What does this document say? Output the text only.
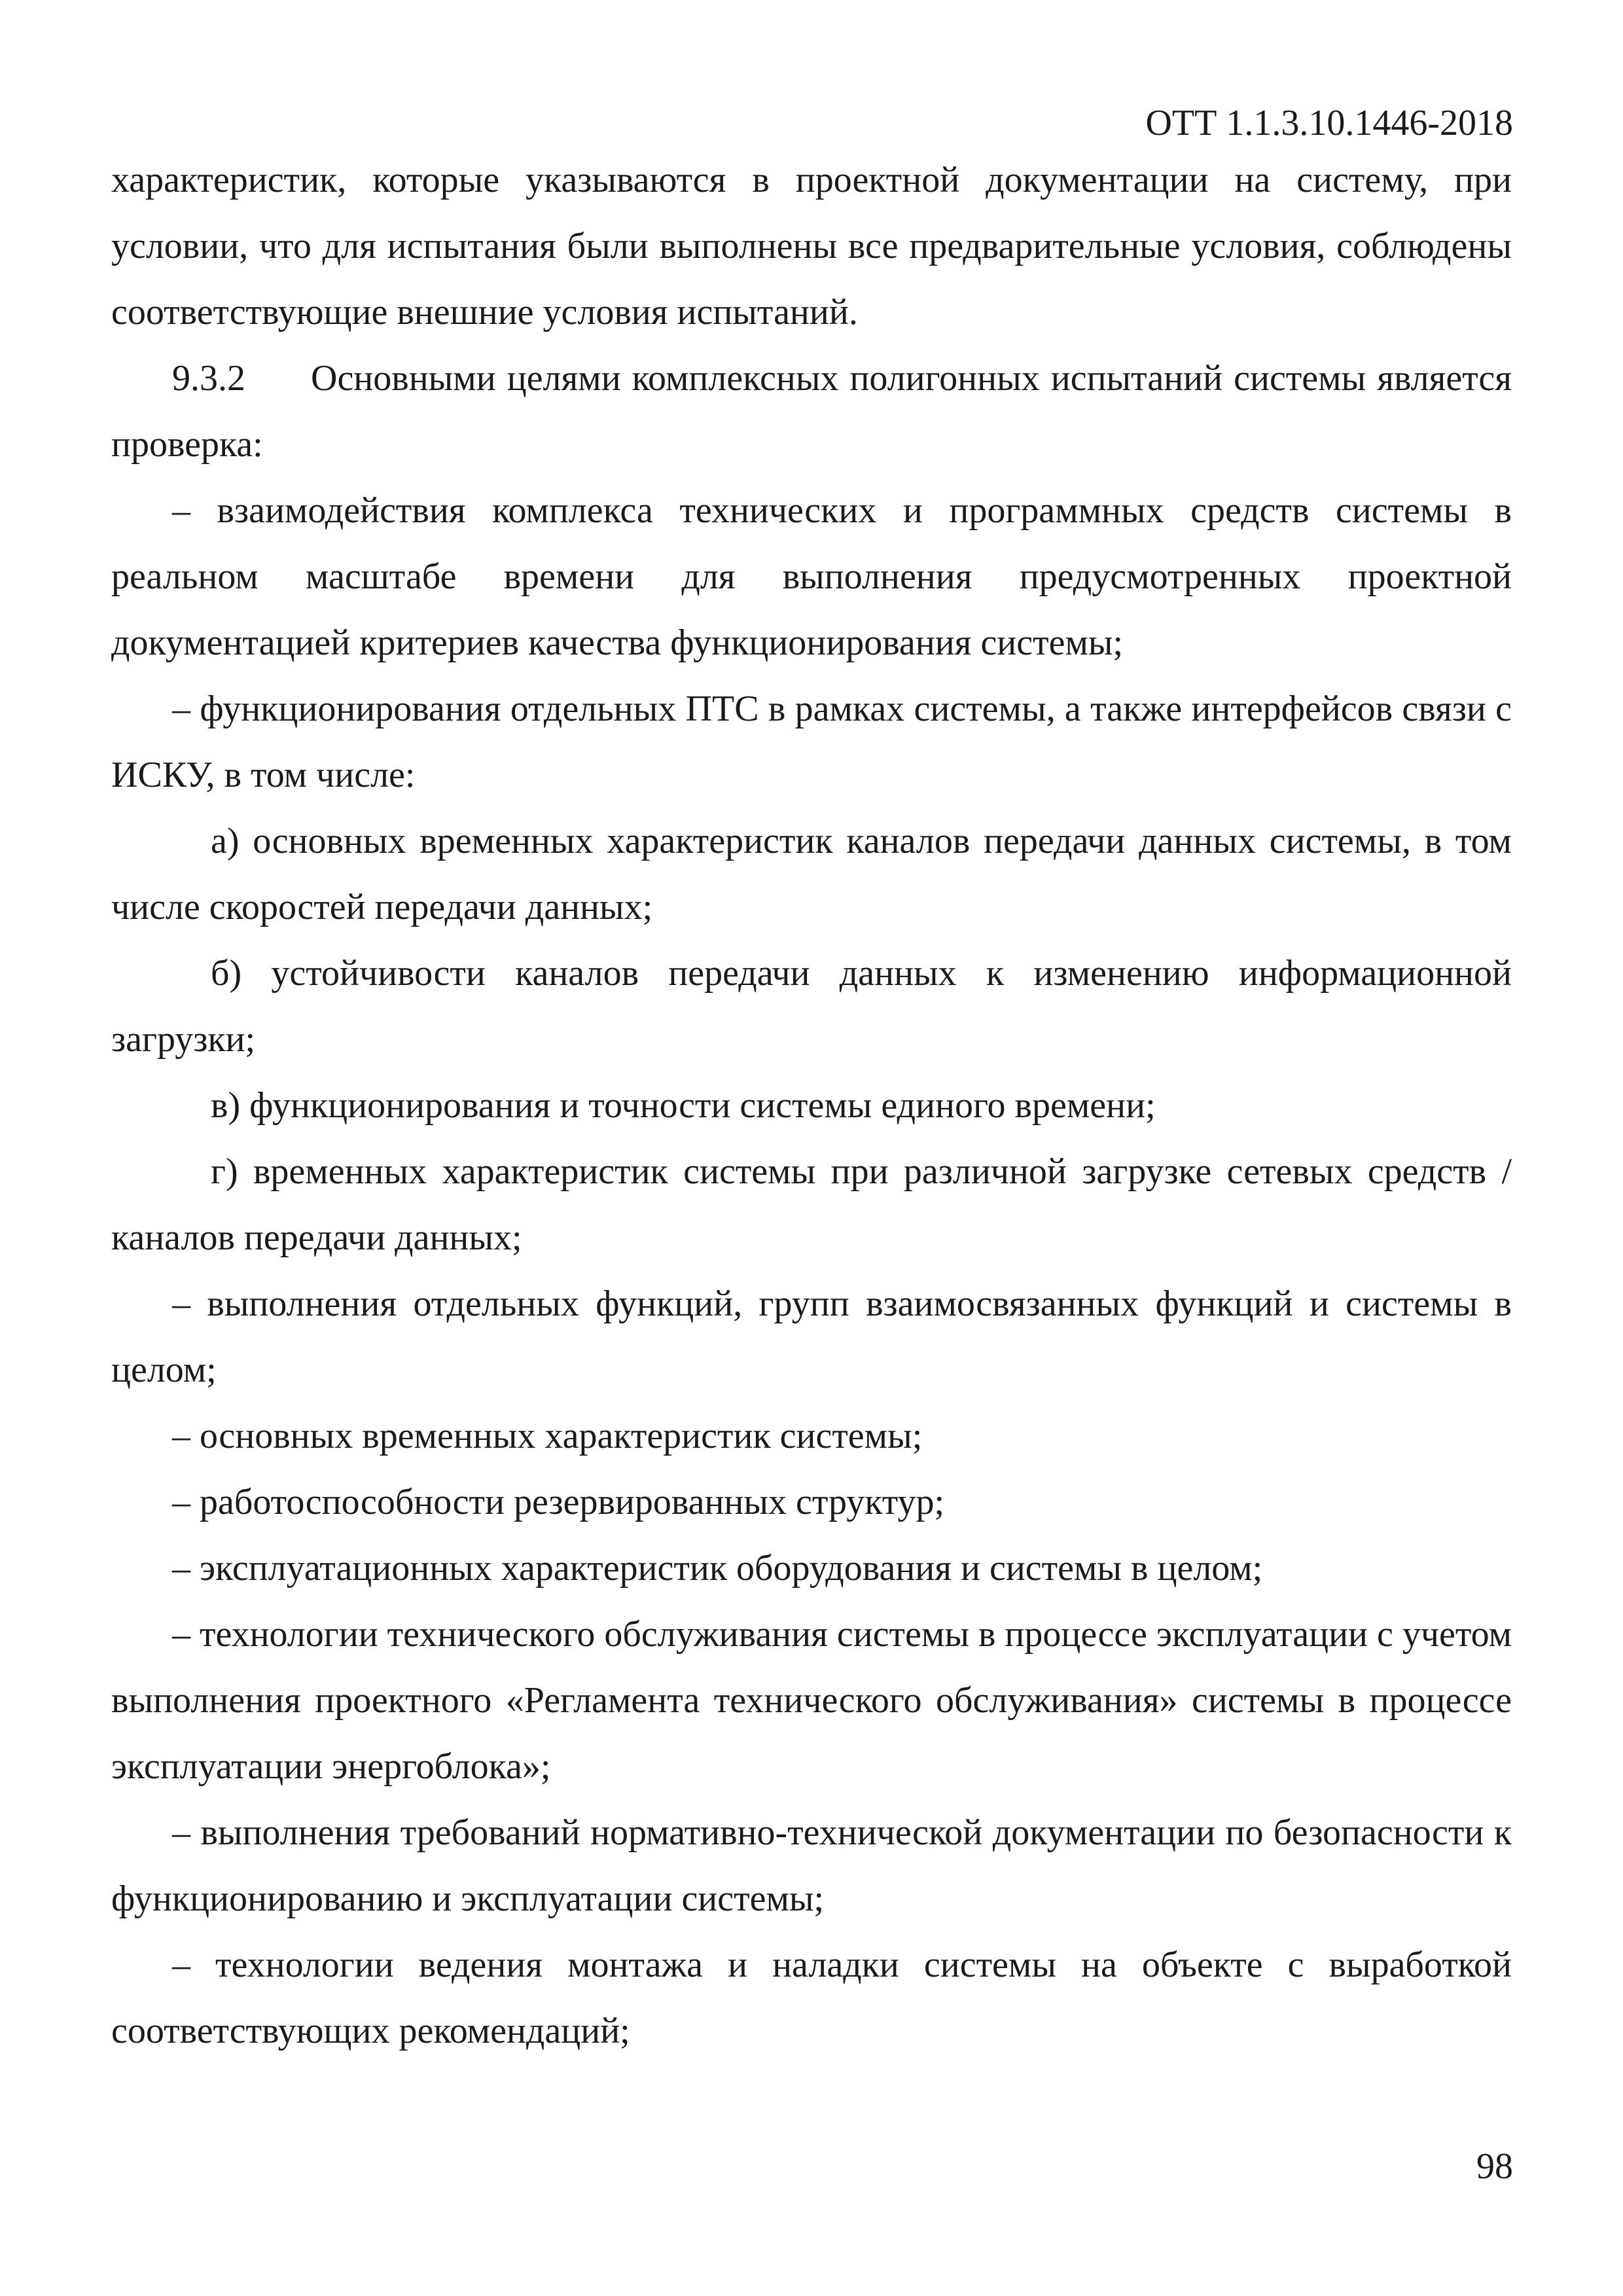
ОТТ 1.1.3.10.1446-2018

характеристик, которые указываются в проектной документации на систему, при условии, что для испытания были выполнены все предварительные условия, соблюдены соответствующие внешние условия испытаний.

9.3.2 Основными целями комплексных полигонных испытаний системы является проверка:

– взаимодействия комплекса технических и программных средств системы в реальном масштабе времени для выполнения предусмотренных проектной документацией критериев качества функционирования системы;

– функционирования отдельных ПТС в рамках системы, а также интерфейсов связи с ИСКУ, в том числе:

а) основных временных характеристик каналов передачи данных системы, в том числе скоростей передачи данных;

б) устойчивости каналов передачи данных к изменению информационной загрузки;

в) функционирования и точности системы единого времени;

г) временных характеристик системы при различной загрузке сетевых средств / каналов передачи данных;

– выполнения отдельных функций, групп взаимосвязанных функций и системы в целом;

– основных временных характеристик системы;

– работоспособности резервированных структур;

– эксплуатационных характеристик оборудования и системы в целом;

– технологии технического обслуживания системы в процессе эксплуатации с учетом выполнения проектного «Регламента технического обслуживания» системы в процессе эксплуатации энергоблока»;

– выполнения требований нормативно-технической документации по безопасности к функционированию и эксплуатации системы;

– технологии ведения монтажа и наладки системы на объекте с выработкой соответствующих рекомендаций;

98
